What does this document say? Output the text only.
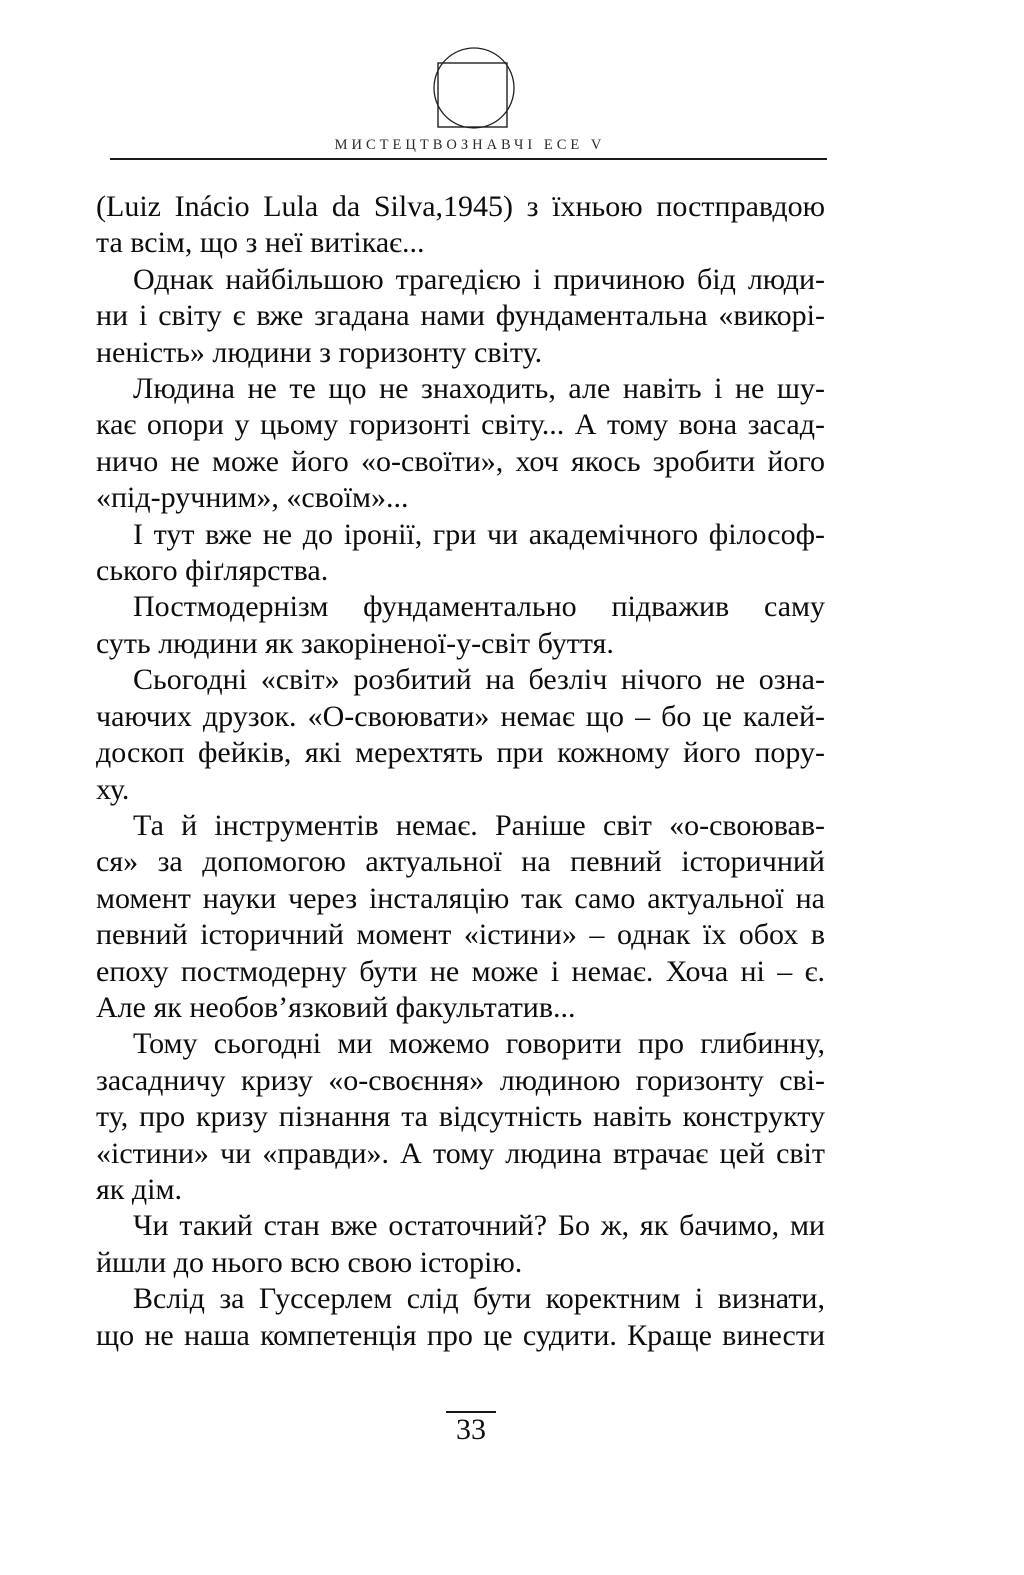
МИСТЕЦТВОЗНАВЧІ ЕСЕ V
(Luiz Inácio Lula da Silva,1945) з їхньою постправдою
та всім, що з неї витікає...
Однак найбільшою трагедією і причиною бід люди-
ни і світу є вже згадана нами фундаментальна «викорі-
неність» людини з горизонту світу.
Людина не те що не знаходить, але навіть і не шу-
кає опори у цьому горизонті світу... А тому вона засад-
ничо не може його «о-своїти», хоч якось зробити його
«під-ручним», «своїм»...
І тут вже не до іронії, гри чи академічного філософ-
ського фіґлярства.
Постмодернізм фундаментально підважив саму
суть людини як закоріненої-у-світ буття.
Сьогодні «світ» розбитий на безліч нічого не озна-
чаючих друзок. «О-своювати» немає що – бо це калей-
доскоп фейків, які мерехтять при кожному його пору-
ху.
Та й інструментів немає. Раніше світ «о-своював-
ся» за допомогою актуальної на певний історичний
момент науки через інсталяцію так само актуальної на
певний історичний момент «істини» – однак їх обох в
епоху постмодерну бути не може і немає. Хоча ні – є.
Але як необов’язковий факультатив...
Тому сьогодні ми можемо говорити про глибинну,
засадничу кризу «о-своєння» людиною горизонту сві-
ту, про кризу пізнання та відсутність навіть конструкту
«істини» чи «правди». А тому людина втрачає цей світ
як дім.
Чи такий стан вже остаточний? Бо ж, як бачимо, ми
йшли до нього всю свою історію.
Вслід за Гуссерлем слід бути коректним і визнати,
що не наша компетенція про це судити. Краще винести
33
